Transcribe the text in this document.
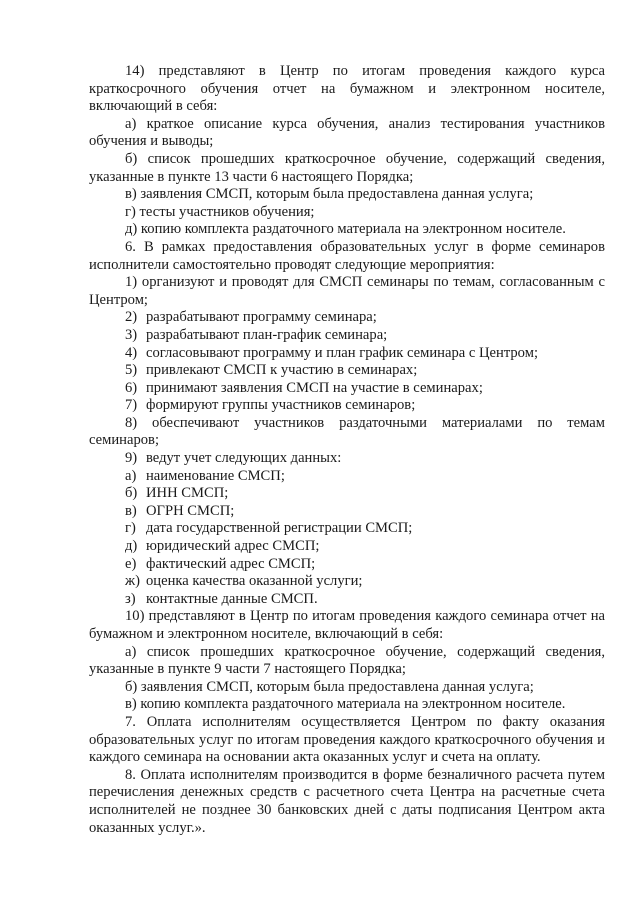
14) представляют в Центр по итогам проведения каждого курса краткосрочного обучения отчет на бумажном и электронном носителе, включающий в себя:

а) краткое описание курса обучения, анализ тестирования участников обучения и выводы;

б) список прошедших краткосрочное обучение, содержащий сведения, указанные в пункте 13 части 6 настоящего Порядка;

в) заявления СМСП, которым была предоставлена данная услуга;

г) тесты участников обучения;

д) копию комплекта раздаточного материала на электронном носителе.

6. В рамках предоставления образовательных услуг в форме семинаров исполнители самостоятельно проводят следующие мероприятия:

1) организуют и проводят для СМСП семинары по темам, согласованным с Центром;

2) разрабатывают программу семинара;
3) разрабатывают план-график семинара;
4) согласовывают программу и план график семинара с Центром;
5) привлекают СМСП к участию в семинарах;
6) принимают заявления СМСП на участие в семинарах;
7) формируют группы участников семинаров;

8) обеспечивают участников раздаточными материалами по темам семинаров;

9) ведут учет следующих данных:
а) наименование СМСП;
б) ИНН СМСП;
в) ОГРН СМСП;
г) дата государственной регистрации СМСП;
д) юридический адрес СМСП;
е) фактический адрес СМСП;
ж) оценка качества оказанной услуги;
з) контактные данные СМСП.

10) представляют в Центр по итогам проведения каждого семинара отчет на бумажном и электронном носителе, включающий в себя:

а) список прошедших краткосрочное обучение, содержащий сведения, указанные в пункте 9 части 7 настоящего Порядка;

б) заявления СМСП, которым была предоставлена данная услуга;

в) копию комплекта раздаточного материала на электронном носителе.

7. Оплата исполнителям осуществляется Центром по факту оказания образовательных услуг по итогам проведения каждого краткосрочного обучения и каждого семинара на основании акта оказанных услуг и счета на оплату.

8. Оплата исполнителям производится в форме безналичного расчета путем перечисления денежных средств с расчетного счета Центра на расчетные счета исполнителей не позднее 30 банковских дней с даты подписания Центром акта оказанных услуг.».
